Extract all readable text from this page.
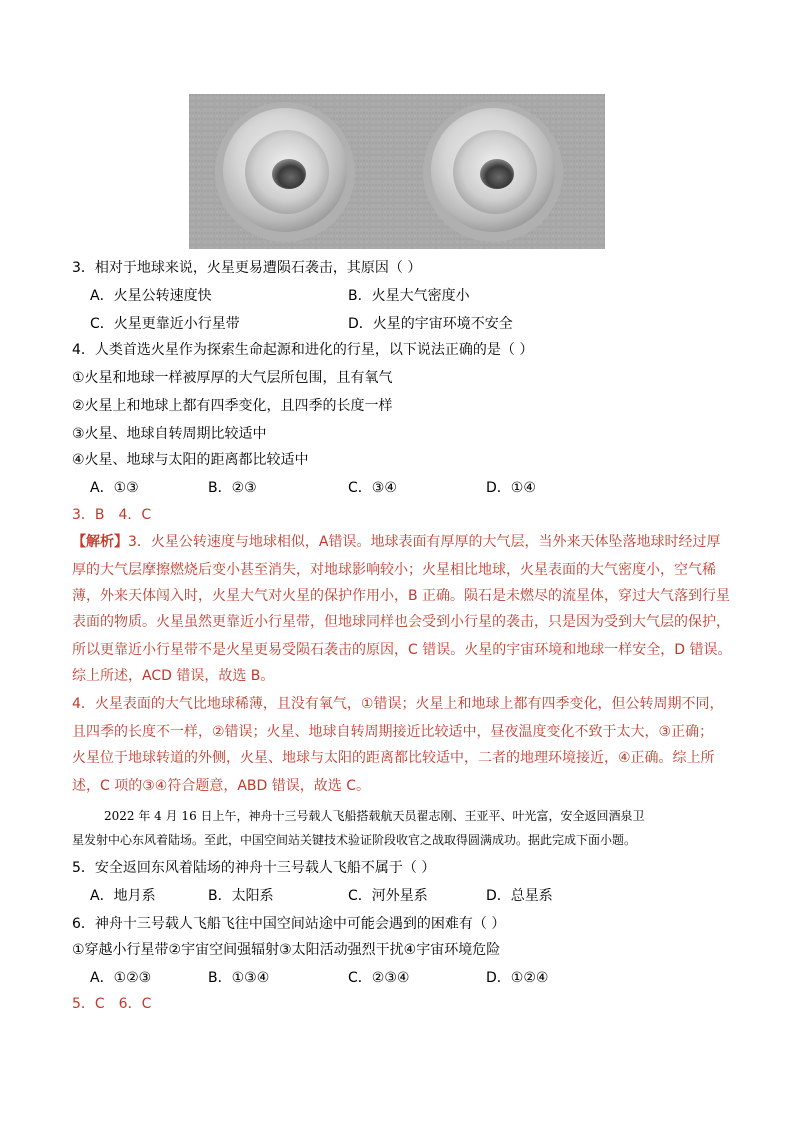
3．相对于地球来说，火星更易遭陨石袭击，其原因（ ）
A．火星公转速度快	B．火星大气密度小
C．火星更靠近小行星带	D．火星的宇宙环境不安全
4．人类首选火星作为探索生命起源和进化的行星，以下说法正确的是（ ）
①火星和地球一样被厚厚的大气层所包围，且有氧气
②火星上和地球上都有四季变化，且四季的长度一样
③火星、地球自转周期比较适中
④火星、地球与太阳的距离都比较适中
A．①③	B．②③	C．③④	D．①④
3．B　4．C
【解析】3．火星公转速度与地球相似，A错误。地球表面有厚厚的大气层，当外来天体坠落地球时经过厚
厚的大气层摩擦燃烧后变小甚至消失，对地球影响较小；火星相比地球，火星表面的大气密度小，空气稀
薄，外来天体闯入时，火星大气对火星的保护作用小，B 正确。陨石是未燃尽的流星体，穿过大气落到行星
表面的物质。火星虽然更靠近小行星带，但地球同样也会受到小行星的袭击，只是因为受到大气层的保护，
所以更靠近小行星带不是火星更易受陨石袭击的原因，C 错误。火星的宇宙环境和地球一样安全，D 错误。
综上所述，ACD 错误，故选 B。
4．火星表面的大气比地球稀薄，且没有氧气，①错误；火星上和地球上都有四季变化，但公转周期不同，
且四季的长度不一样，②错误；火星、地球自转周期接近比较适中，昼夜温度变化不致于太大，③正确；
火星位于地球转道的外侧，火星、地球与太阳的距离都比较适中，二者的地理环境接近，④正确。综上所
述，C 项的③④符合题意，ABD 错误，故选 C。
2022 年 4 月 16 日上午，神舟十三号载人飞船搭载航天员翟志刚、王亚平、叶光富，安全返回酒泉卫
星发射中心东风着陆场。至此，中国空间站关键技术验证阶段收官之战取得圆满成功。据此完成下面小题。
5．安全返回东风着陆场的神舟十三号载人飞船不属于（ ）
A．地月系	B．太阳系	C．河外星系	D．总星系
6．神舟十三号载人飞船飞往中国空间站途中可能会遇到的困难有（ ）
①穿越小行星带②宇宙空间强辐射③太阳活动强烈干扰④宇宙环境危险
A．①②③	B．①③④	C．②③④	D．①②④
5．C　6．C
